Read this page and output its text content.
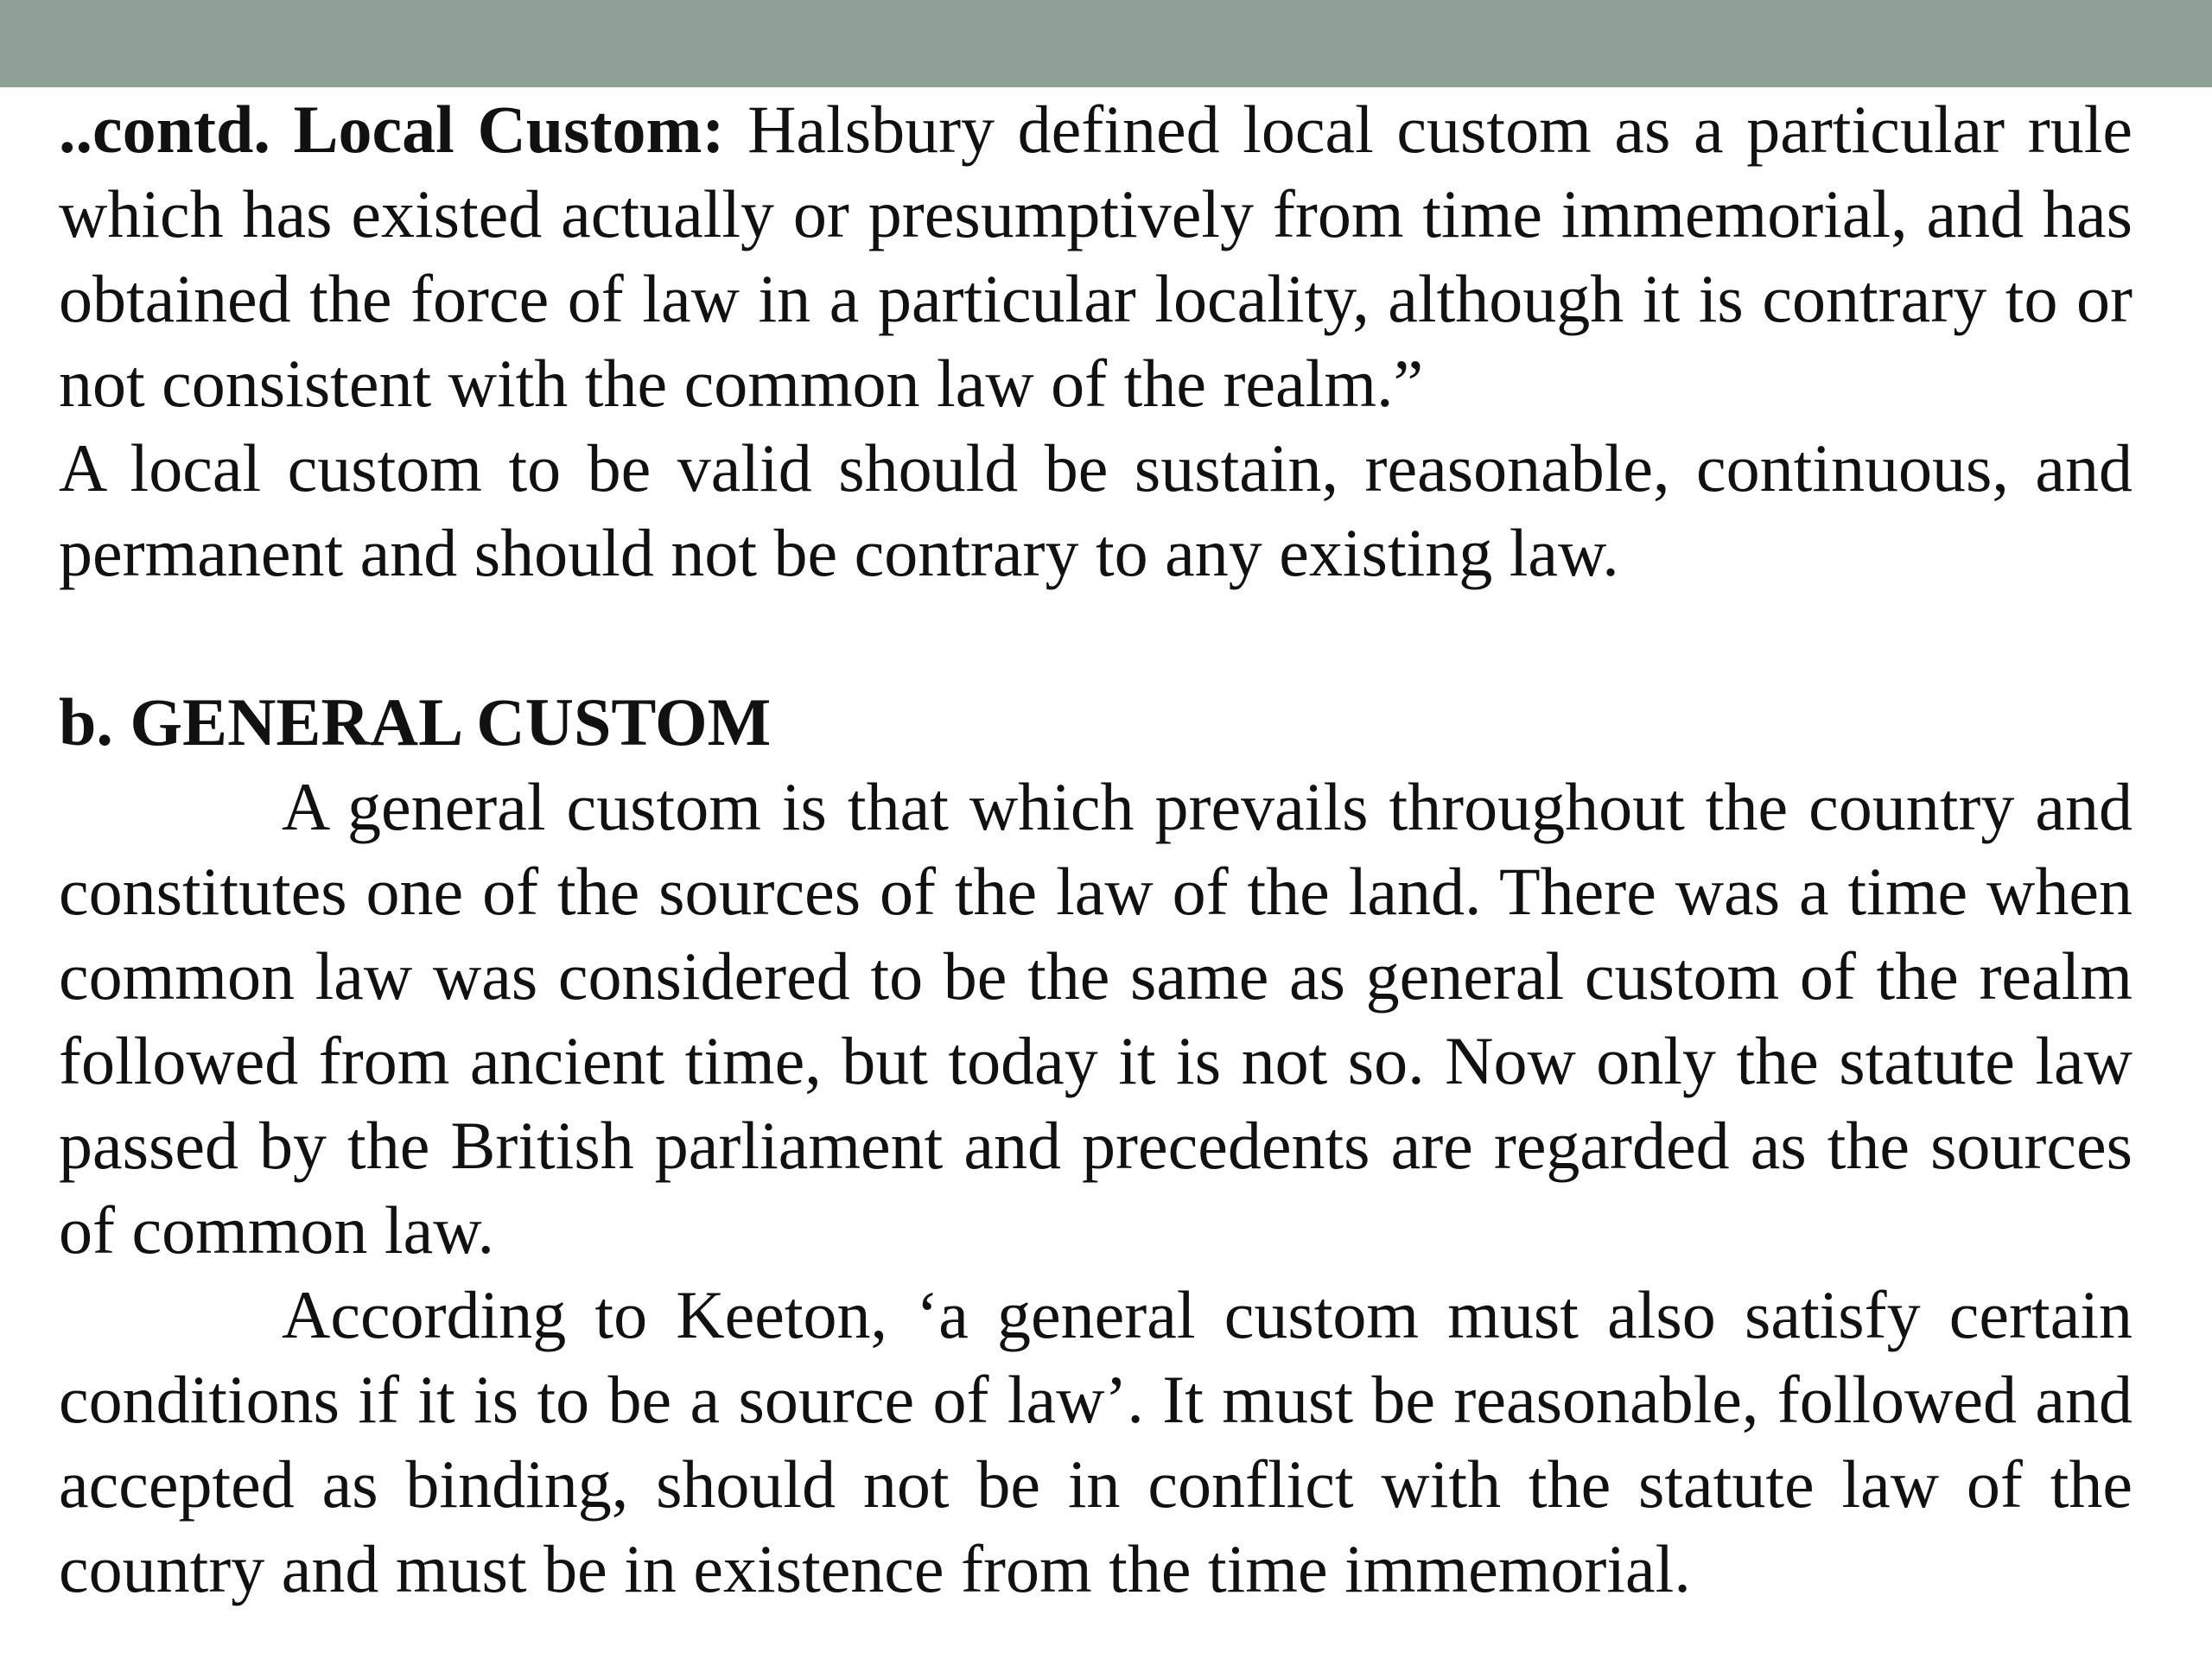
..contd. Local Custom: Halsbury defined local custom as a particular rule which has existed actually or presumptively from time immemorial, and has obtained the force of law in a particular locality, although it is contrary to or not consistent with the common law of the realm.”

A local custom to be valid should be sustain, reasonable, continuous, and permanent and should not be contrary to any existing law.

b. GENERAL CUSTOM

A general custom is that which prevails throughout the country and constitutes one of the sources of the law of the land. There was a time when common law was considered to be the same as general custom of the realm followed from ancient time, but today it is not so. Now only the statute law passed by the British parliament and precedents are regarded as the sources of common law.

According to Keeton, ‘a general custom must also satisfy certain conditions if it is to be a source of law’. It must be reasonable, followed and accepted as binding, should not be in conflict with the statute law of the country and must be in existence from the time immemorial.
